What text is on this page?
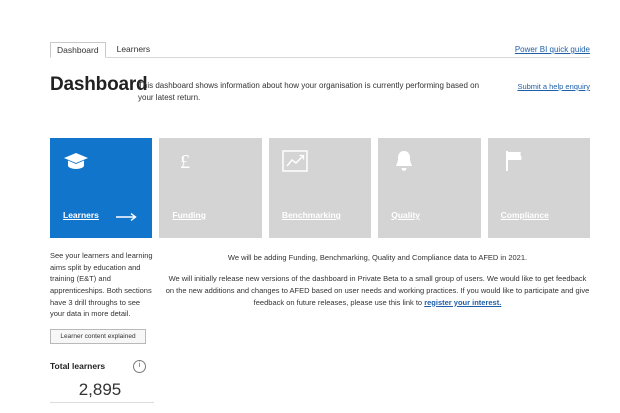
Dashboard	Learners	Power BI quick guide
Dashboard
This dashboard shows information about how your organisation is currently performing based on your latest return.
Submit a help enquiry
Learners
£
Funding	Benchmarking	Quality	Compliance
See your learners and learning aims split by education and training (E&T) and apprenticeships. Both sections have 3 drill throughs to see your data in more detail.
Learner content explained
Total learners	i
2,895
We will be adding Funding, Benchmarking, Quality and Compliance data to AFED in 2021.
We will initially release new versions of the dashboard in Private Beta to a small group of users. We would like to get feedback on the new additions and changes to AFED based on user needs and working practices. If you would like to participate and give feedback on future releases, please use this link to register your interest.
